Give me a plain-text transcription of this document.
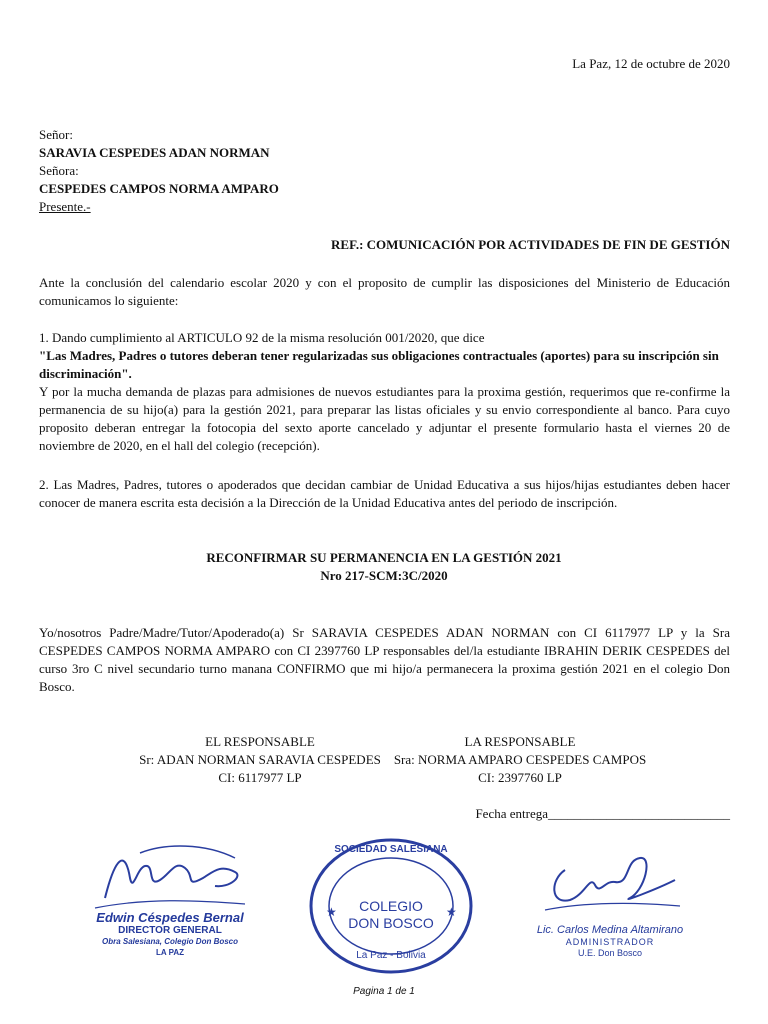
La Paz, 12 de octubre de 2020
Señor:
SARAVIA CESPEDES ADAN NORMAN
Señora:
CESPEDES CAMPOS NORMA AMPARO
Presente.-
REF.: COMUNICACIÓN POR ACTIVIDADES DE FIN DE GESTIÓN
Ante la conclusión del calendario escolar 2020 y con el proposito de cumplir las disposiciones del Ministerio de Educación comunicamos lo siguiente:
1. Dando cumplimiento al ARTICULO 92 de la misma resolución 001/2020, que dice
"Las Madres, Padres o tutores deberan tener regularizadas sus obligaciones contractuales (aportes) para su inscripción sin discriminación".
Y por la mucha demanda de plazas para admisiones de nuevos estudiantes para la proxima gestión, requerimos que re-confirme la permanencia de su hijo(a) para la gestión 2021, para preparar las listas oficiales y su envio correspondiente al banco. Para cuyo proposito deberan entregar la fotocopia del sexto aporte cancelado y adjuntar el presente formulario hasta el viernes 20 de noviembre de 2020, en el hall del colegio (recepción).
2. Las Madres, Padres, tutores o apoderados que decidan cambiar de Unidad Educativa a sus hijos/hijas estudiantes deben hacer conocer de manera escrita esta decisión a la Dirección de la Unidad Educativa antes del periodo de inscripción.
RECONFIRMAR SU PERMANENCIA EN LA GESTIÓN 2021
Nro 217-SCM:3C/2020
Yo/nosotros Padre/Madre/Tutor/Apoderado(a) Sr SARAVIA CESPEDES ADAN NORMAN con CI 6117977 LP y la Sra CESPEDES CAMPOS NORMA AMPARO con CI 2397760 LP responsables del/la estudiante IBRAHIN DERIK CESPEDES del curso 3ro C nivel secundario turno manana CONFIRMO que mi hijo/a permanecera la proxima gestión 2021 en el colegio Don Bosco.
EL RESPONSABLE
Sr: ADAN NORMAN SARAVIA CESPEDES
CI: 6117977 LP
LA RESPONSABLE
Sra: NORMA AMPARO CESPEDES CAMPOS
CI: 2397760 LP
Fecha entrega____________________________
Edwin Céspedes Bernal
DIRECTOR GENERAL
Obra Salesiana, Colegio Don Bosco
LA PAZ
★	★
SOCIEDAD SALESIANA
COLEGIO
DON BOSCO
La Paz - Bolivia
Lic. Carlos Medina Altamirano
ADMINISTRADOR
U.E. Don Bosco
Pagina 1 de 1
